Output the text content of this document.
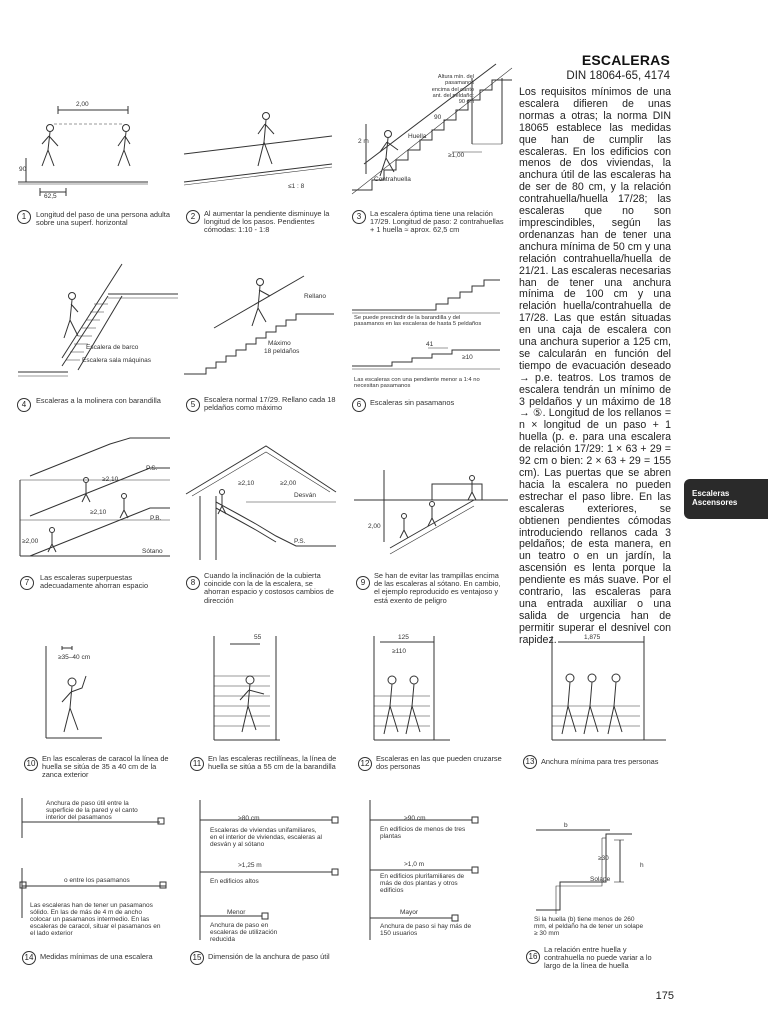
ESCALERAS
DIN 18064-65, 4174

Los requisitos mínimos de una escalera difieren de unas normas a otras; la norma DIN 18065 establece las medidas que han de cumplir las escaleras. En los edificios con menos de dos viviendas, la anchura útil de las escaleras ha de ser de 80 cm, y la relación contrahuella/huella 17/28; las escaleras que no son imprescindibles, según las ordenanzas han de tener una anchura mínima de 50 cm y una relación contrahuella/huella de 21/21. Las escaleras necesarias han de tener una anchura mínima de 100 cm y una relación huella/contrahuella de 17/28. Las que están situadas en una caja de escalera con una anchura superior a 125 cm, se calcularán en función del tiempo de evacuación deseado → p.e. teatros. Los tramos de escalera tendrán un mínimo de 3 peldaños y un máximo de 18 → ⑤. Longitud de los rellanos = n × longitud de un paso + 1 huella (p. e. para una escalera de relación 17/29: 1 × 63 + 29 = 92 cm o bien: 2 × 63 + 29 = 155 cm). Las puertas que se abren hacia la escalera no pueden estrechar el paso libre. En las escaleras exteriores, se obtienen pendientes cómodas introduciendo rellanos cada 3 peldaños; de esta manera, en un teatro o en un jardín, la ascensión es lenta porque la pendiente es más suave. Por el contrario, las escaleras para una entrada auxiliar o una salida de urgencia han de permitir superar el desnivel con rapidez.

Escaleras
Ascensores
175
2,00
90
62,5
≤1 : 8
Altura mín. del pasamanos encima del canto ant. del peldaño: 90 cm
90
2 m
Huella
≥1,00
Contrahuella
1	Longitud del paso de una persona adulta sobre una superf. horizontal
2	Al aumentar la pendiente disminuye la longitud de los pasos. Pendientes cómodas: 1:10 - 1:8
3	La escalera óptima tiene una relación 17/29. Longitud de paso: 2 contrahuellas + 1 huella ≈ aprox. 62,5 cm
Escalera de barco
Escalera sala máquinas
Rellano
Máximo
18 peldaños
Se puede prescindir de la barandilla y del pasamanos en las escaleras de hasta 5 peldaños
41
≥10
Las escaleras con una pendiente menor a 1:4 no necesitan pasamanos
4	Escaleras a la molinera con barandilla	5
Escalera normal 17/29. Rellano cada 18 peldaños como máximo	6	Escaleras sin pasamanos
P.S.
≥2,10
P.B.
≥2,10
≥2,00
Sótano
≥2,10	≥2,00
Desván
P.S.
2,00
7
Las escaleras superpuestas adecuadamente ahorran espacio	8
Cuando la inclinación de la cubierta coincide con la de la escalera, se ahorran espacio y costosos cambios de dirección
9
Se han de evitar las trampillas encima de las escaleras al sótano. En cambio, el ejemplo reproducido es ventajoso y está exento de peligro
≥35–40 cm
55	125
≥110
1,875
10
En las escaleras de caracol la línea de huella se sitúa de 35 a 40 cm de la zanca exterior
11
En las escaleras rectilíneas, la línea de huella se sitúa a 55 cm de la barandilla	12
Escaleras en las que pueden cruzarse dos personas
13 Anchura mínima para tres personas
Anchura de paso útil entre la superficie de la pared y el canto interior del pasamanos
o entre los pasamanos
Las escaleras han de tener un pasamanos sólido. En las de más de 4 m de ancho colocar un pasamanos intermedio. En las escaleras de caracol, situar el pasamanos en el lado exterior
>80 cm
Escaleras de viviendas unifamiliares, en el interior de viviendas, escaleras al desván y al sótano
>1,25 m
En edificios altos
Menor
Anchura de paso en escaleras de utilización reducida
>90 cm
En edificios de menos de tres plantas
>1,0 m
En edificios plurifamiliares de más de dos plantas y otros edificios
Mayor
Anchura de paso si hay más de 150 usuarios
b
≥30
h
Solape
Si la huella (b) tiene menos de 260 mm, el peldaño ha de tener un solape ≥ 30 mm
14 Medidas mínimas de una escalera	15 Dimensión de la anchura de paso útil	16
La relación entre huella y contrahuella no puede variar a lo largo de la línea de huella
